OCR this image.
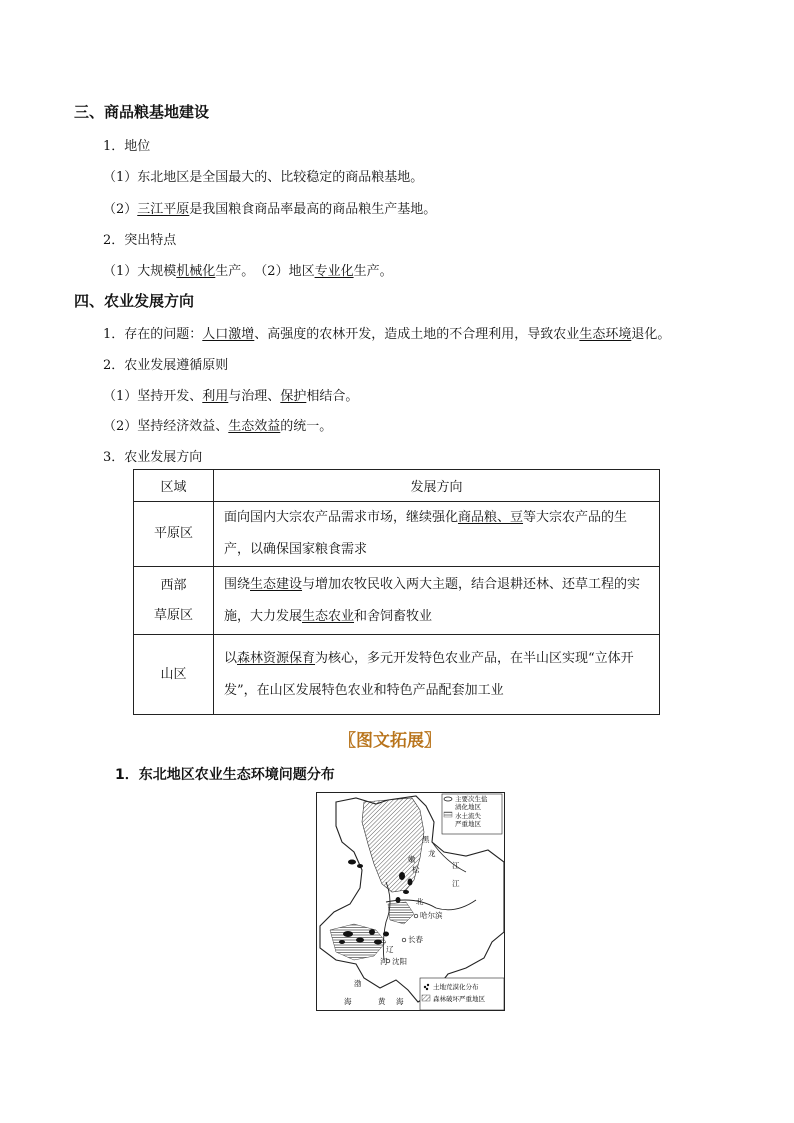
三、商品粮基地建设
1．地位
（1）东北地区是全国最大的、比较稳定的商品粮基地。
（2）三江平原是我国粮食商品率最高的商品粮生产基地。
2．突出特点
（1）大规模机械化生产。　（2）地区专业化生产。
四、农业发展方向
1．存在的问题：人口激增、高强度的农林开发，造成土地的不合理利用，导致农业生态环境退化。
2．农业发展遵循原则
（1）坚持开发、利用与治理、保护相结合。
（2）坚持经济效益、生态效益的统一。
3．农业发展方向
区域	发展方向
平原区	面向国内大宗农产品需求市场，继续强化商品粮、豆等大宗农产品的生产，以确保国家粮食需求

西部
草原区	围绕生态建设与增加农牧民收入两大主题，结合退耕还林、还草工程的实施，大力发展生态农业和舍饲畜牧业
山区	以森林资源保育为核心，多元开发特色农业产品，在半山区实现“立体开发”，在山区发展特色农业和特色产品配套加工业
〖图文拓展〗
1．东北地区农业生态环境问题分布
主要次生盐
渍化地区
水土流失
严重地区
土地荒漠化分布
森林破坏严重地区
黑
龙
江
江
松
嫩
北
哈尔滨
长春
辽
河 沈阳
渤
海	黄 海
